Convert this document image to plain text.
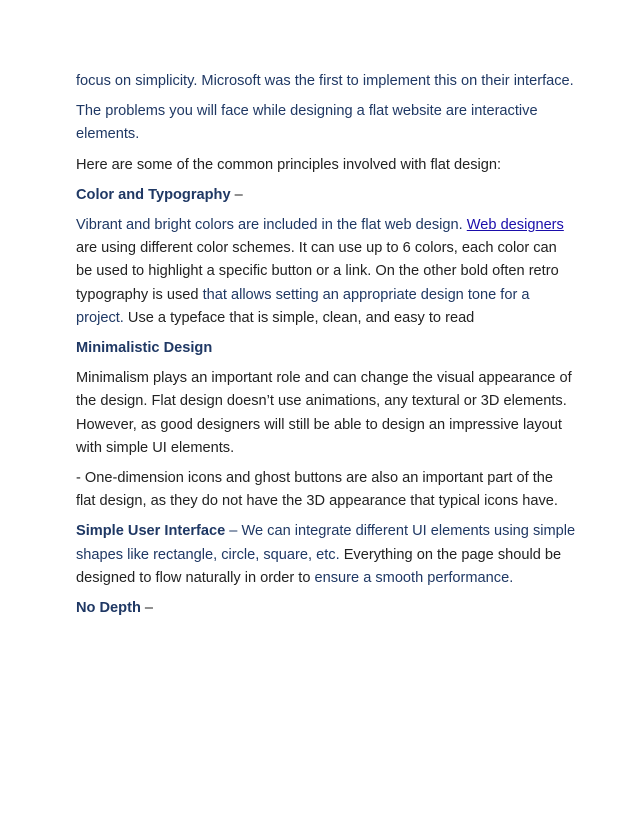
focus on simplicity. Microsoft was the first to implement this on their interface.

The problems you will face while designing a flat website are interactive elements.

Here are some of the common principles involved with flat design:

Color and Typography –

Vibrant and bright colors are included in the flat web design. Web designers are using different color schemes. It can use up to 6 colors, each color can be used to highlight a specific button or a link. On the other bold often retro typography is used that allows setting an appropriate design tone for a project. Use a typeface that is simple, clean, and easy to read

Minimalistic Design

Minimalism plays an important role and can change the visual appearance of the design. Flat design doesn’t use animations, any textural or 3D elements. However, as good designers will still be able to design an impressive layout with simple UI elements.

- One-dimension icons and ghost buttons are also an important part of the flat design, as they do not have the 3D appearance that typical icons have.

Simple User Interface – We can integrate different UI elements using simple shapes like rectangle, circle, square, etc. Everything on the page should be designed to flow naturally in order to ensure a smooth performance.

No Depth –
